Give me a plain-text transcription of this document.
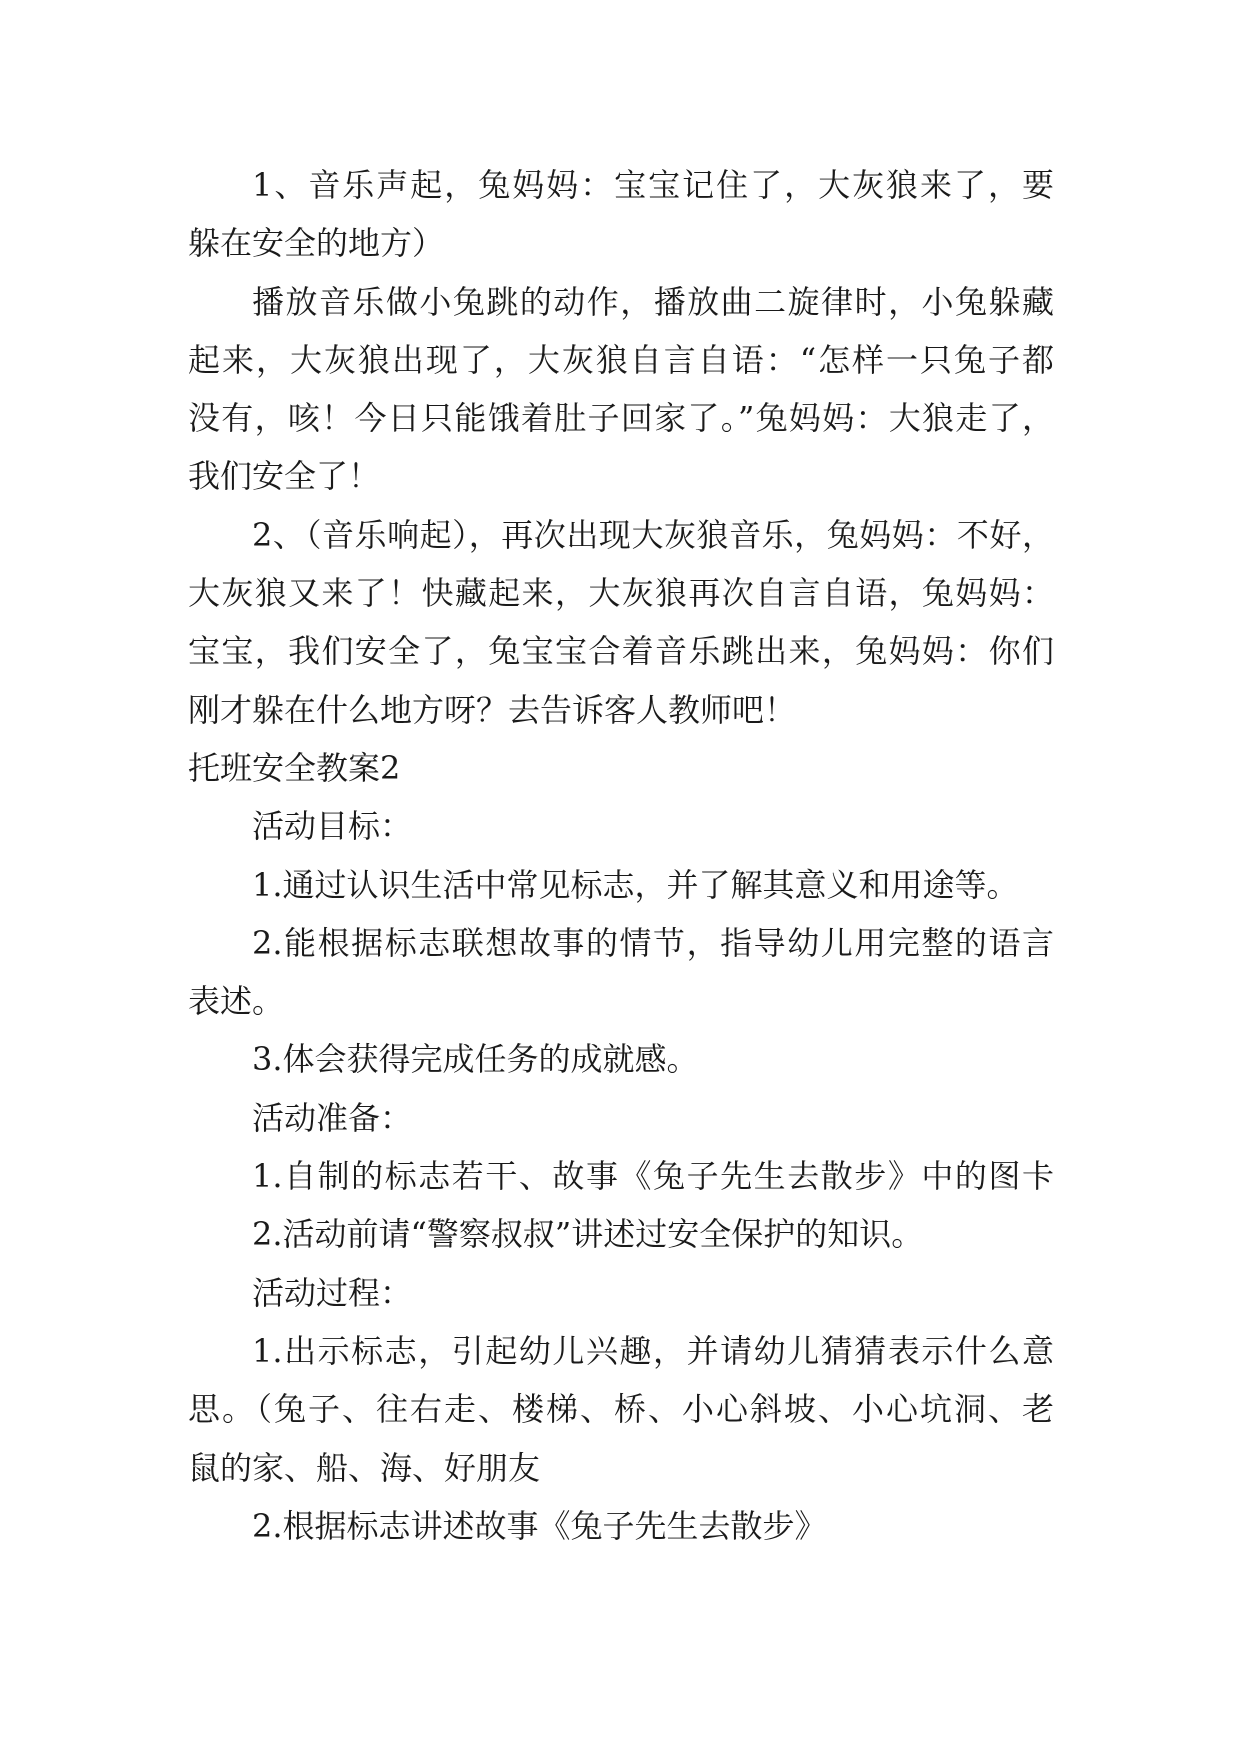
1、音乐声起，兔妈妈：宝宝记住了，大灰狼来了，要
躲在安全的地方）
播放音乐做小兔跳的动作，播放曲二旋律时，小兔躲藏
起来，大灰狼出现了，大灰狼自言自语：“怎样一只兔子都
没有，咳！今日只能饿着肚子回家了。”兔妈妈：大狼走了，
我们安全了！
2、（音乐响起），再次出现大灰狼音乐，兔妈妈：不好，
大灰狼又来了！快藏起来，大灰狼再次自言自语，兔妈妈：
宝宝，我们安全了，兔宝宝合着音乐跳出来，兔妈妈：你们
刚才躲在什么地方呀？去告诉客人教师吧！
托班安全教案2
活动目标：
1.通过认识生活中常见标志，并了解其意义和用途等。
2.能根据标志联想故事的情节，指导幼儿用完整的语言
表述。
3.体会获得完成任务的成就感。
活动准备：
1.自制的标志若干、故事《兔子先生去散步》中的图卡
2.活动前请“警察叔叔”讲述过安全保护的知识。
活动过程：
1.出示标志，引起幼儿兴趣，并请幼儿猜猜表示什么意
思。（兔子、往右走、楼梯、桥、小心斜坡、小心坑洞、老
鼠的家、船、海、好朋友
2.根据标志讲述故事《兔子先生去散步》
